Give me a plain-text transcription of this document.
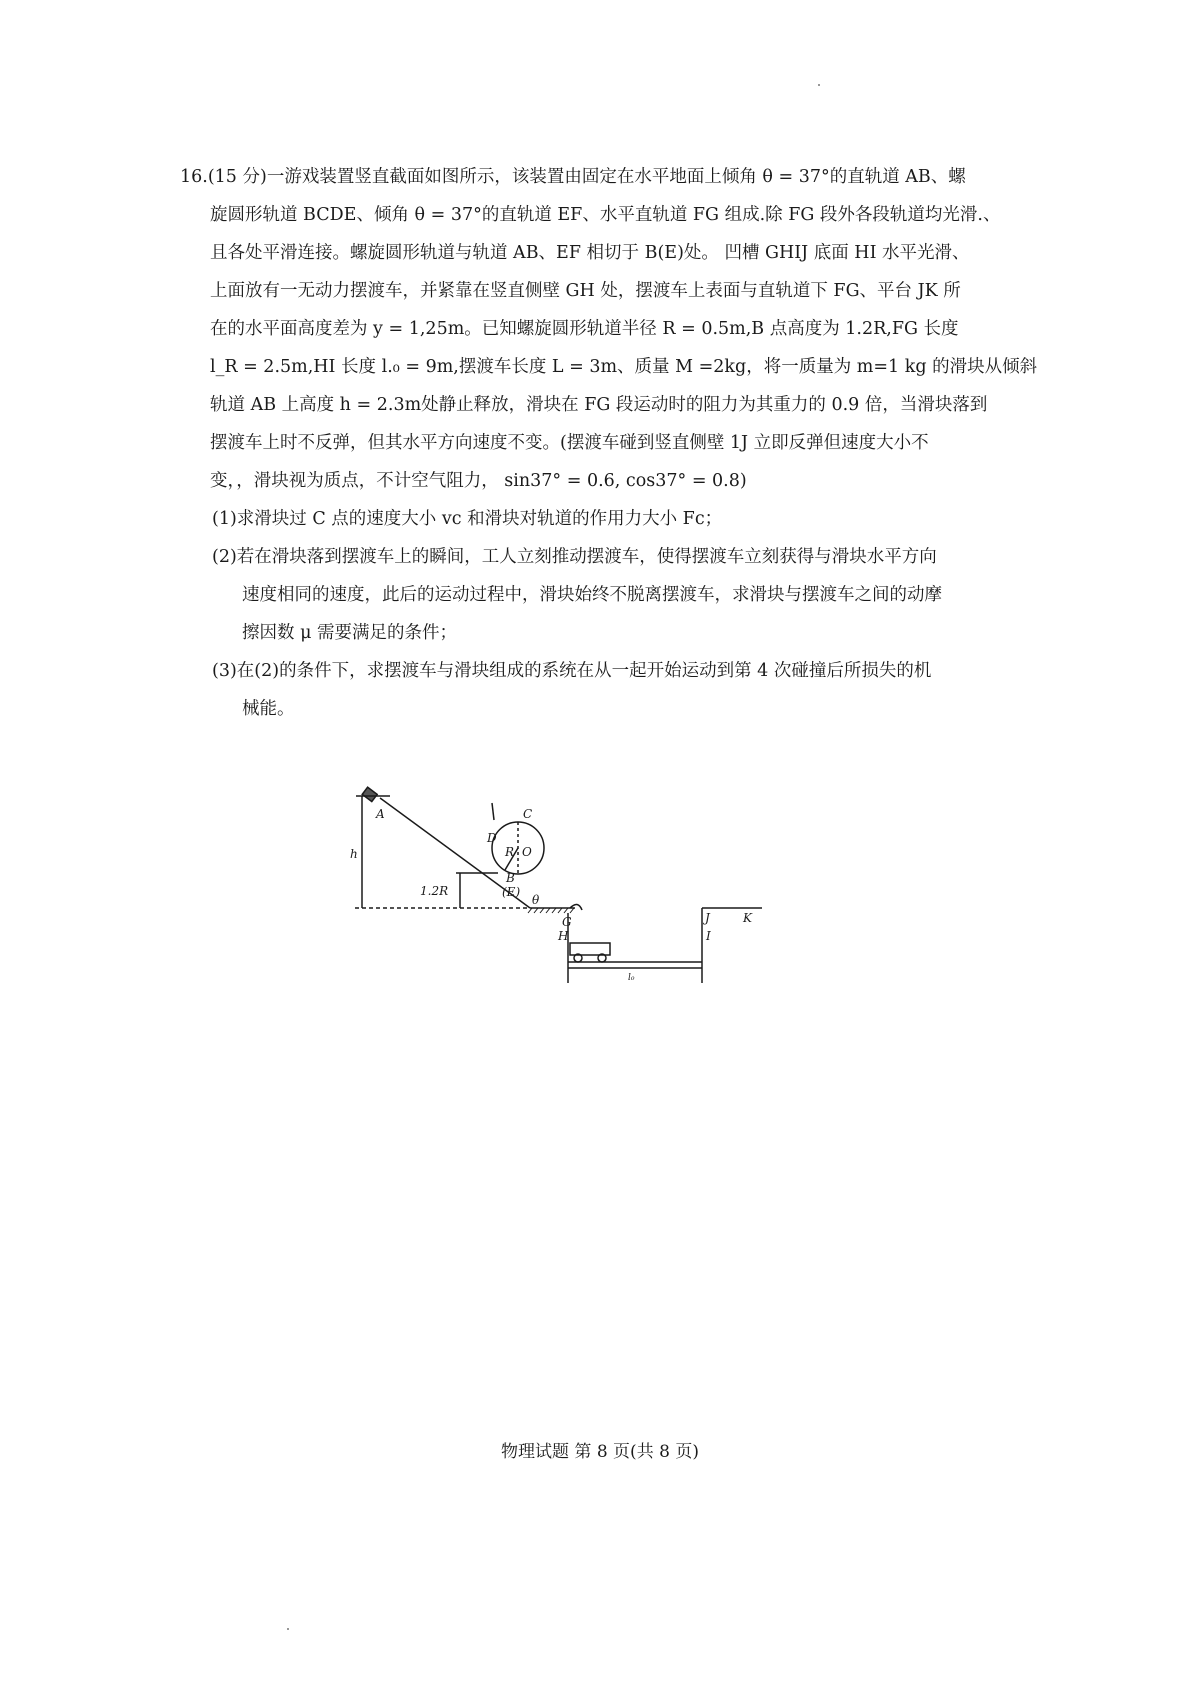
16.(15 分)一游戏装置竖直截面如图所示，该装置由固定在水平地面上倾角 θ = 37°的直轨道 AB、螺
旋圆形轨道 BCDE、倾角 θ = 37°的直轨道 EF、水平直轨道 FG 组成.除 FG 段外各段轨道均光滑.、
且各处平滑连接。螺旋圆形轨道与轨道 AB、EF 相切于 B(E)处。 凹槽 GHIJ 底面 HI 水平光滑、
上面放有一无动力摆渡车，并紧靠在竖直侧壁 GH 处，摆渡车上表面与直轨道下 FG、平台 JK 所
在的水平面高度差为 y = 1,25m。已知螺旋圆形轨道半径 R = 0.5m,B 点高度为 1.2R,FG 长度
l_R = 2.5m,HI 长度 l.₀ = 9m,摆渡车长度 L = 3m、质量 M =2kg，将一质量为 m=1 kg 的滑块从倾斜
轨道 AB 上高度 h = 2.3m处静止释放，滑块在 FG 段运动时的阻力为其重力的 0.9 倍，当滑块落到
摆渡车上时不反弹，但其水平方向速度不变。(摆渡车碰到竖直侧壁 1J 立即反弹但速度大小不
变，，滑块视为质点，不计空气阻力， sin37° = 0.6, cos37° = 0.8)
(1)求滑块过 C 点的速度大小 vc 和滑块对轨道的作用力大小 Fc；
(2)若在滑块落到摆渡车上的瞬间，工人立刻推动摆渡车，使得摆渡车立刻获得与滑块水平方向
速度相同的速度，此后的运动过程中，滑块始终不脱离摆渡车，求滑块与摆渡车之间的动摩
擦因数 μ 需要满足的条件；
(3)在(2)的条件下，求摆渡车与滑块组成的系统在从一起开始运动到第 4 次碰撞后所损失的机
械能。
A
h
C
D
R O
B
(E)
θ
1.2R
G
H
J	K
I
l₀
物理试题 第 8 页(共 8 页)
